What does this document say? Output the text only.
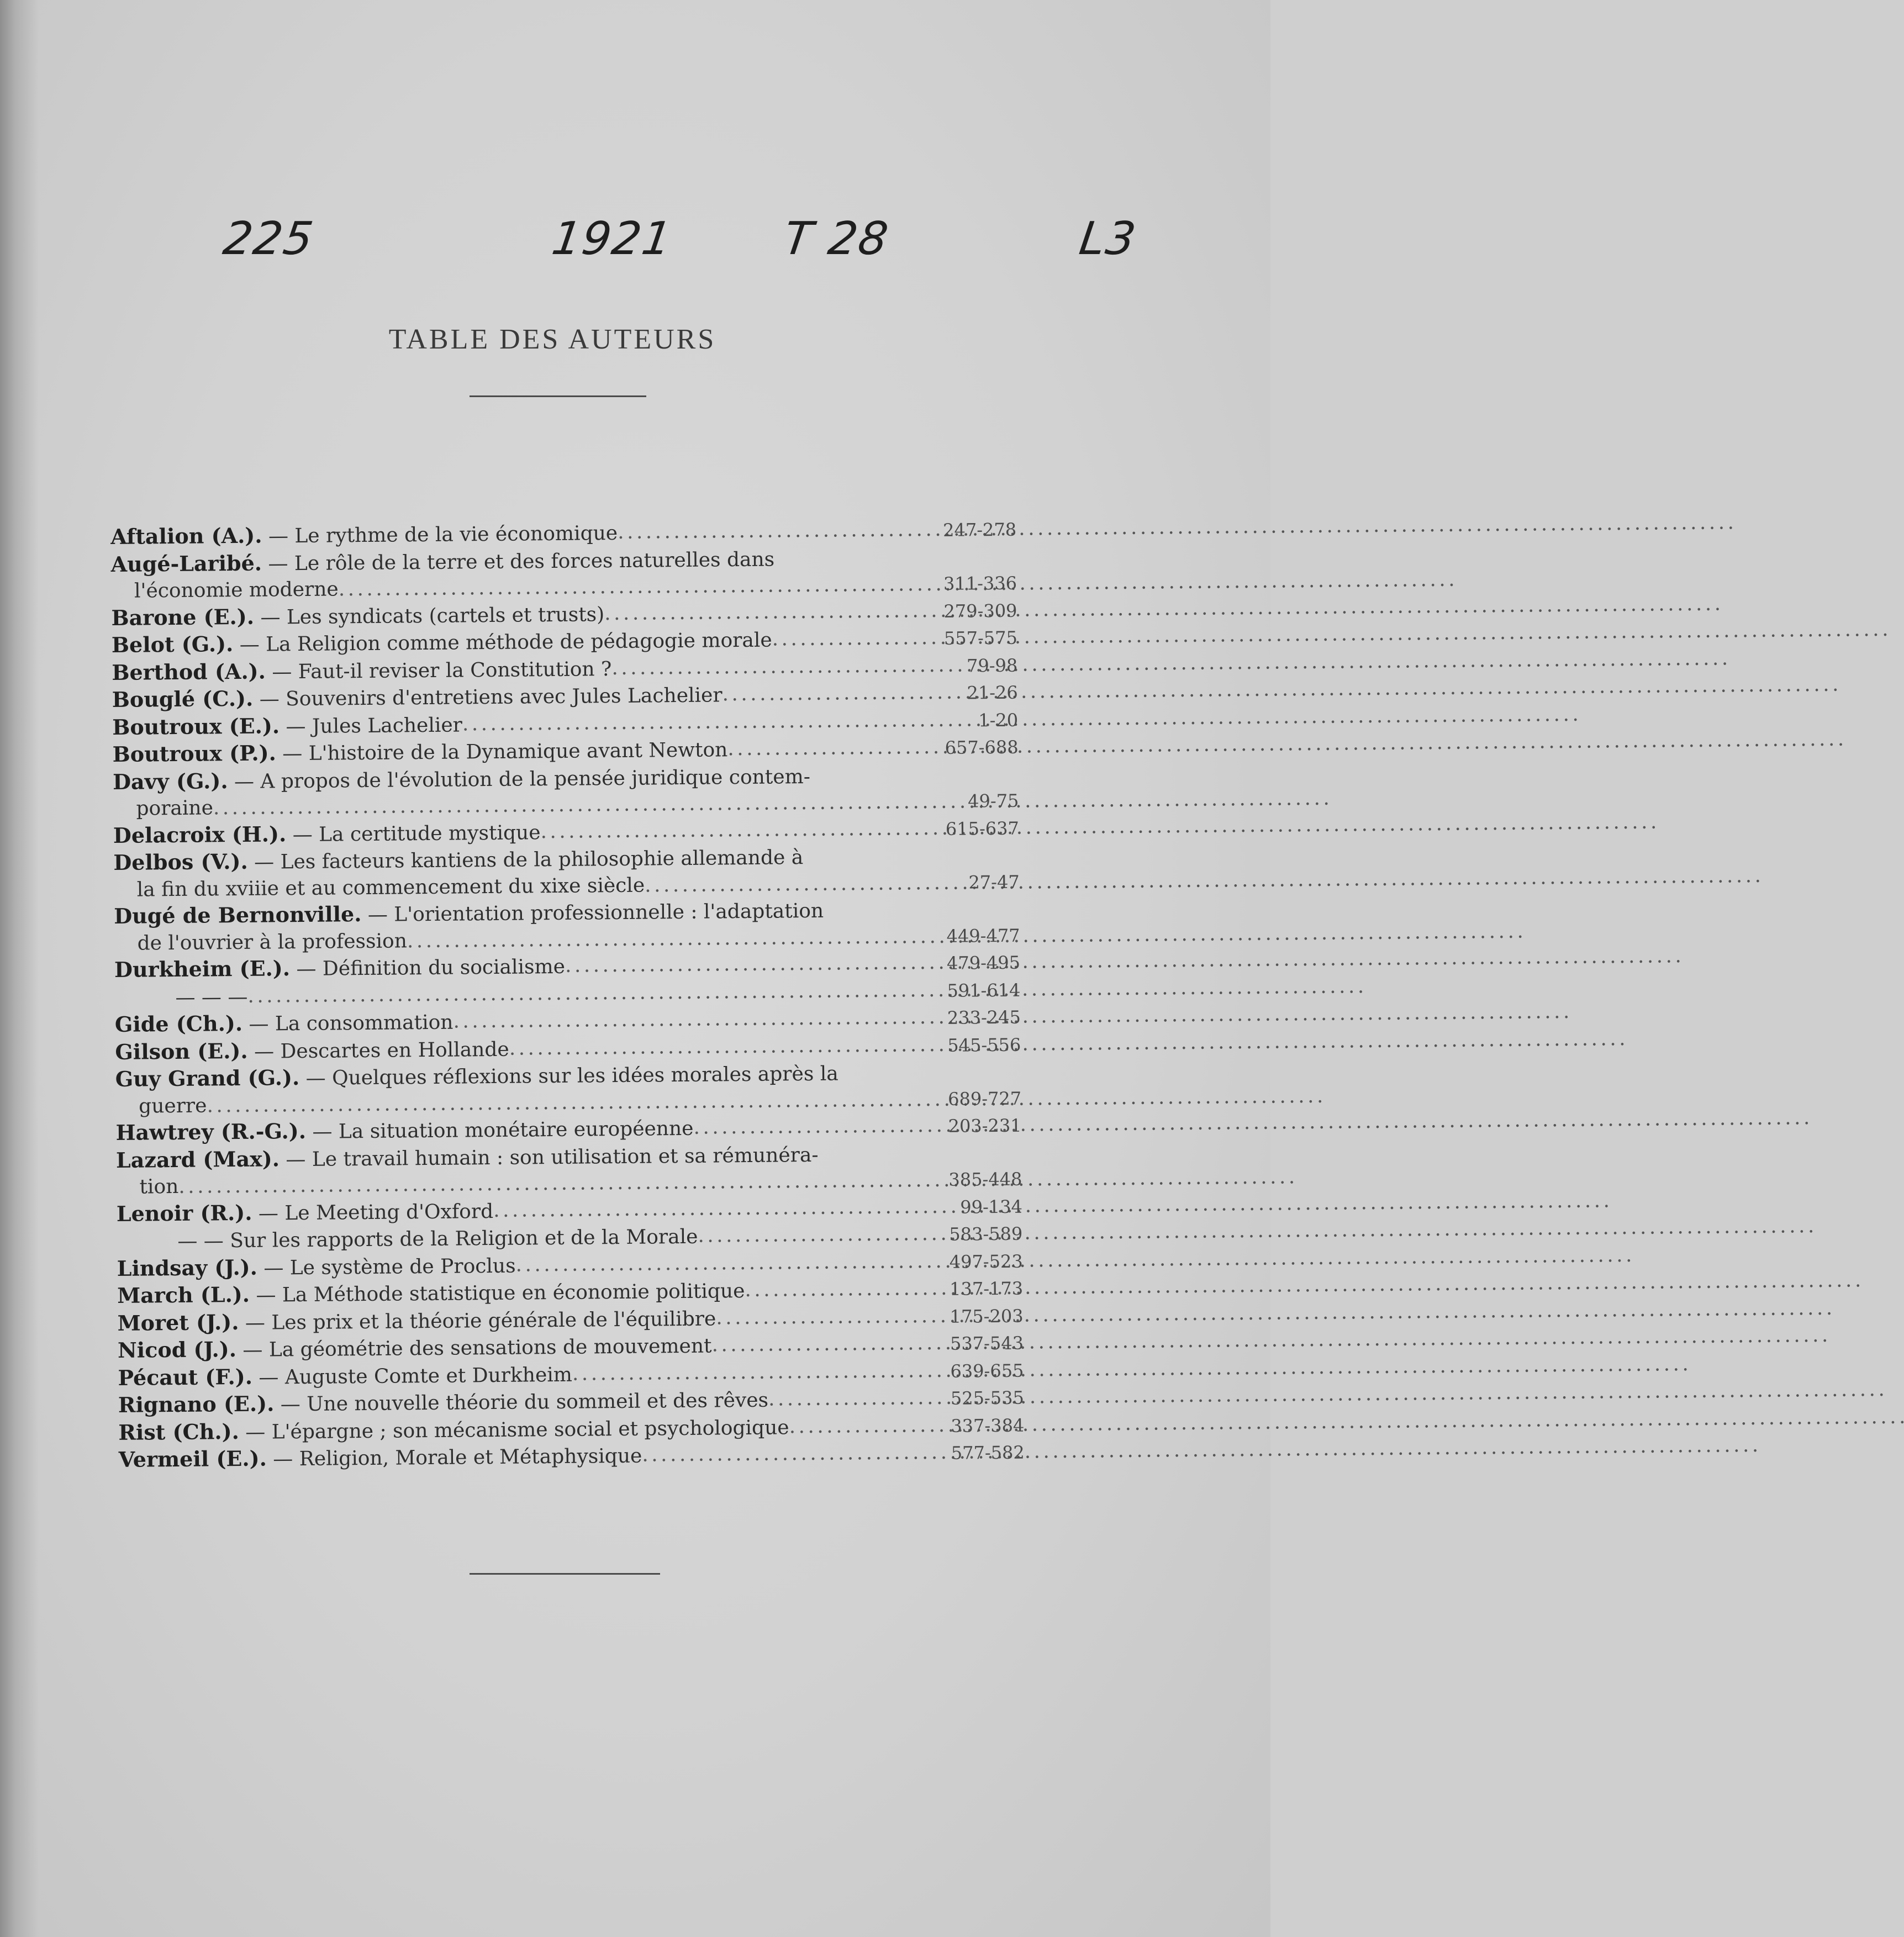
225	1921 T 28	L3
TABLE DES AUTEURS
Aftalion (A.). — Le rythme de la vie économique . . .	247-278
Augé-Laribé. — Le rôle de la terre et des forces naturelles dans
l'économie moderne . . .	311-336
Barone (E.). — Les syndicats (cartels et trusts) . . .	279-309
Belot (G.). — La Religion comme méthode de pédagogie morale . . .	557-575
Berthod (A.). — Faut-il reviser la Constitution ? . . .	79-98
Bouglé (C.). — Souvenirs d'entretiens avec Jules Lachelier . . .	21-26
Boutroux (E.). — Jules Lachelier . . .	1-20
Boutroux (P.). — L'histoire de la Dynamique avant Newton . . .	657-688
Davy (G.). — A propos de l'évolution de la pensée juridique contem-
poraine . . .	49-75
Delacroix (H.). — La certitude mystique . . .	615-637
Delbos (V.). — Les facteurs kantiens de la philosophie allemande à
la fin du xviiie et au commencement du xixe siècle . . .	27-47
Dugé de Bernonville. — L'orientation professionnelle : l'adaptation
de l'ouvrier à la profession . . .	449-477
Durkheim (E.). — Définition du socialisme . . .	479-495
— — — . . .	591-614
Gide (Ch.). — La consommation . . .	233-245
Gilson (E.). — Descartes en Hollande . . .	545-556
Guy Grand (G.). — Quelques réflexions sur les idées morales après la
guerre . . .	689-727
Hawtrey (R.-G.). — La situation monétaire européenne . . .	203-231
Lazard (Max). — Le travail humain : son utilisation et sa rémunéra-
tion . . .	385-448
Lenoir (R.). — Le Meeting d'Oxford . . .	99-134
— — Sur les rapports de la Religion et de la Morale . . .	583-589
Lindsay (J.). — Le système de Proclus . . .	497-523
March (L.). — La Méthode statistique en économie politique . . .	137-173
Moret (J.). — Les prix et la théorie générale de l'équilibre . . .	175-203
Nicod (J.). — La géométrie des sensations de mouvement . . .	537-543
Pécaut (F.). — Auguste Comte et Durkheim . . .	639-655
Rignano (E.). — Une nouvelle théorie du sommeil et des rêves . . .	525-535
Rist (Ch.). — L'épargne ; son mécanisme social et psychologique . . .	337-384
Vermeil (E.). — Religion, Morale et Métaphysique . . .	577-582
